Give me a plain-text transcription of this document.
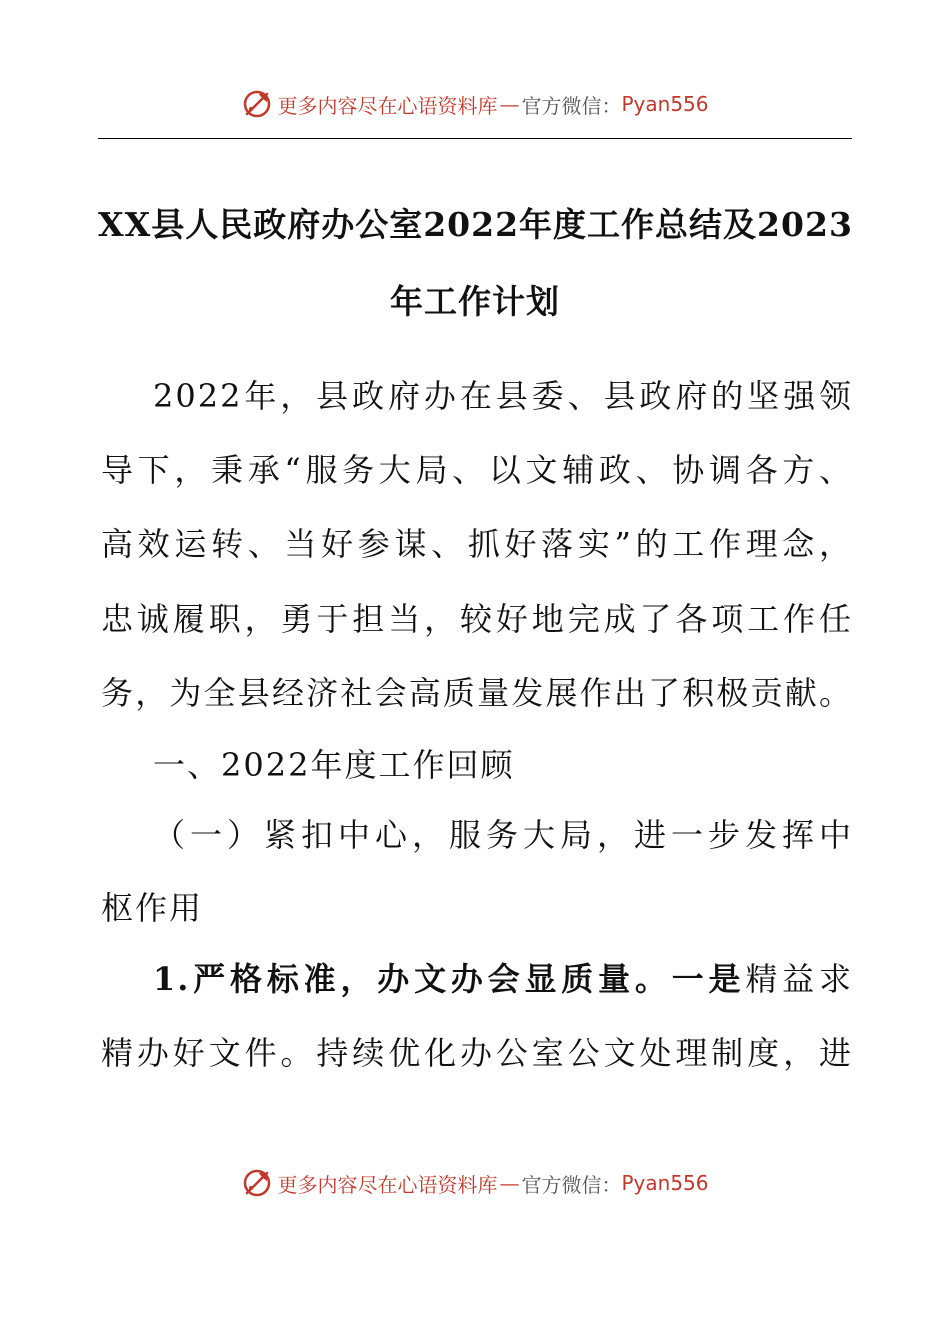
更多内容尽在心语资料库 — 官方微信： Pyan556
XX县人民政府办公室2022年度工作总结及2023
年工作计划
2022年，县政府办在县委、县政府的坚强领
导下，秉承“服务大局、以文辅政、协调各方、
高效运转、当好参谋、抓好落实”的工作理念，
忠诚履职，勇于担当，较好地完成了各项工作任
务，为全县经济社会高质量发展作出了积极贡献。
一、2022年度工作回顾
（一）紧扣中心，服务大局，进一步发挥中
枢作用
1.严格标准，办文办会显质量。一是精益求
精办好文件。持续优化办公室公文处理制度，进
更多内容尽在心语资料库 — 官方微信： Pyan556
